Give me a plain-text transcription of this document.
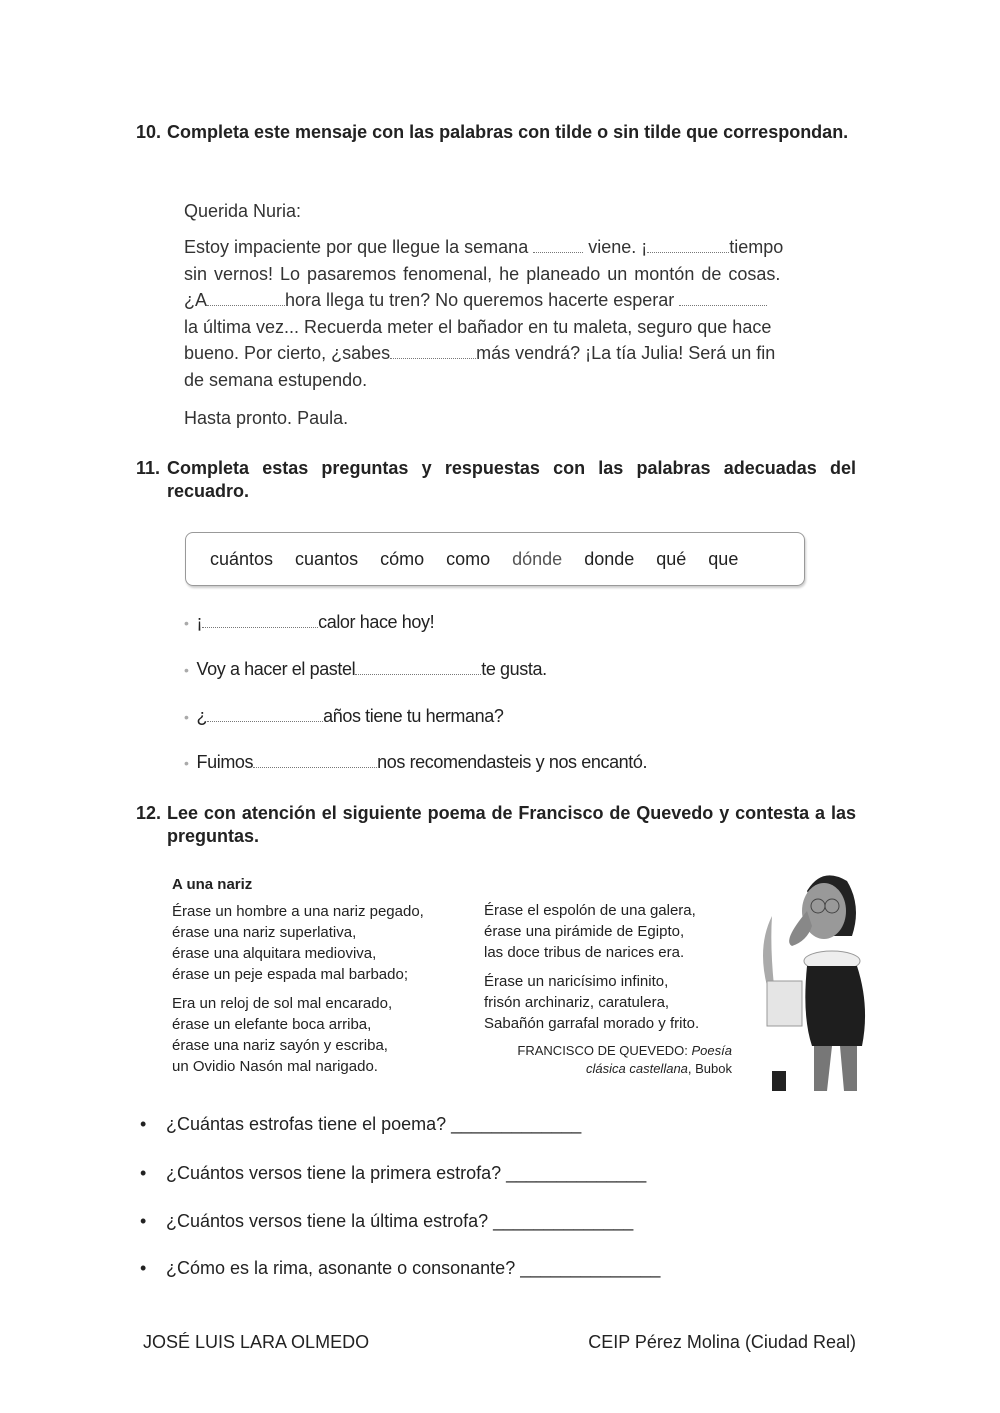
10. Completa este mensaje con las palabras con tilde o sin tilde que correspondan.
Querida Nuria:
Estoy impaciente por que llegue la semana	viene. ¡	tiempo
sin vernos! Lo pasaremos fenomenal, he planeado un montón de cosas.
¿A	hora llega tu tren? No queremos hacerte esperar
la última vez... Recuerda meter el bañador en tu maleta, seguro que hace
bueno. Por cierto, ¿sabes	más vendrá? ¡La tía Julia! Será un fin
de semana estupendo.
Hasta pronto. Paula.
11. Completa estas preguntas y respuestas con las palabras adecuadas del recuadro.
cuántos cuantos cómo como dónde donde qué que
• ¡	calor hace hoy!
• Voy a hacer el pastel	te gusta.
• ¿	años tiene tu hermana?
• Fuimos	nos recomendasteis y nos encantó.
12. Lee con atención el siguiente poema de Francisco de Quevedo y contesta a las preguntas.

A una nariz

Érase un hombre a una nariz pegado,
érase una nariz superlativa,
érase una alquitara medioviva,
érase un peje espada mal barbado;

Era un reloj de sol mal encarado,
érase un elefante boca arriba,
érase una nariz sayón y escriba,
un Ovidio Nasón mal narigado.

Érase el espolón de una galera,
érase una pirámide de Egipto,
las doce tribus de narices era.

Érase un naricísimo infinito,
frisón archinariz, caratulera,
Sabañón garrafal morado y frito.

FRANCISCO DE QUEVEDO: Poesía clásica castellana, Bubok
• ¿Cuántas estrofas tiene el poema? _____________
• ¿Cuántos versos tiene la primera estrofa? ______________
• ¿Cuántos versos tiene la última estrofa? ______________
• ¿Cómo es la rima, asonante o consonante? ______________
JOSÉ LUIS LARA OLMEDO	CEIP Pérez Molina (Ciudad Real)
